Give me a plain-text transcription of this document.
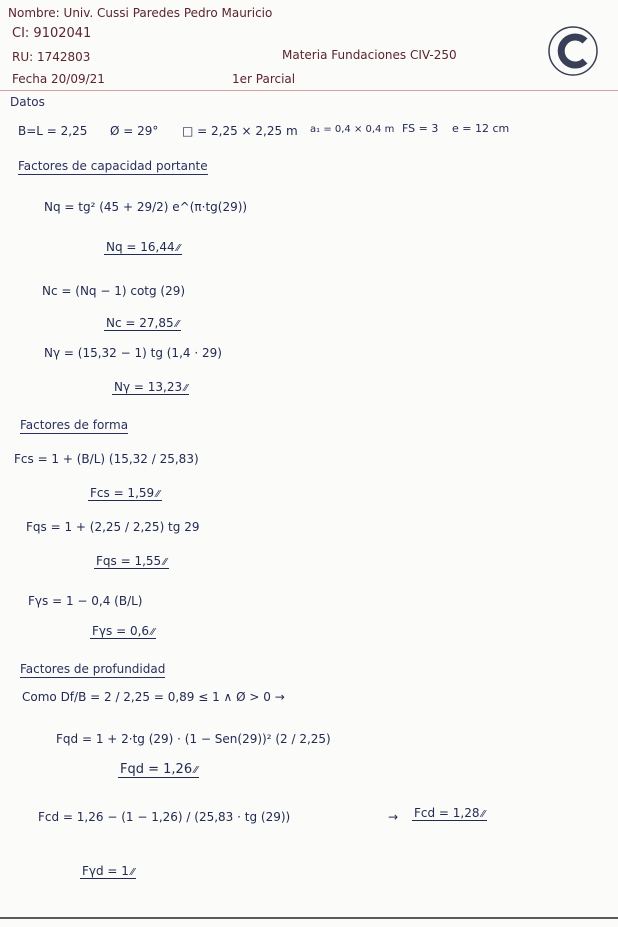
Nombre: Univ. Cussi Paredes Pedro Mauricio
CI: 9102041
RU: 1742803	Materia Fundaciones CIV-250
Fecha 20/09/21	1er Parcial
Datos
B=L = 2,25 Ø = 29° □ = 2,25 × 2,25 m a₁ = 0,4 × 0,4 m FS = 3 e = 12 cm
Factores de capacidad portante
Nq = tg² (45 + 29/2) e^(π·tg(29))
Nq = 16,44 ⁄⁄
Nc = (Nq − 1) cotg (29)
Nc = 27,85 ⁄⁄
Nγ = (15,32 − 1) tg (1,4 · 29)
Nγ = 13,23 ⁄⁄
Factores de forma
Fcs = 1 + (B/L) (15,32 / 25,83)
Fcs = 1,59 ⁄⁄
Fqs = 1 + (2,25 / 2,25) tg 29
Fqs = 1,55 ⁄⁄
Fγs = 1 − 0,4 (B/L)
Fγs = 0,6 ⁄⁄
Factores de profundidad
Como Df/B = 2 / 2,25 = 0,89 ≤ 1 ∧ Ø > 0 →
Fqd = 1 + 2·tg (29) · (1 − Sen(29))² (2 / 2,25)
Fqd = 1,26 ⁄⁄
Fcd = 1,26 − (1 − 1,26) / (25,83 · tg (29))	→ Fcd = 1,28 ⁄⁄
Fγd = 1 ⁄⁄
